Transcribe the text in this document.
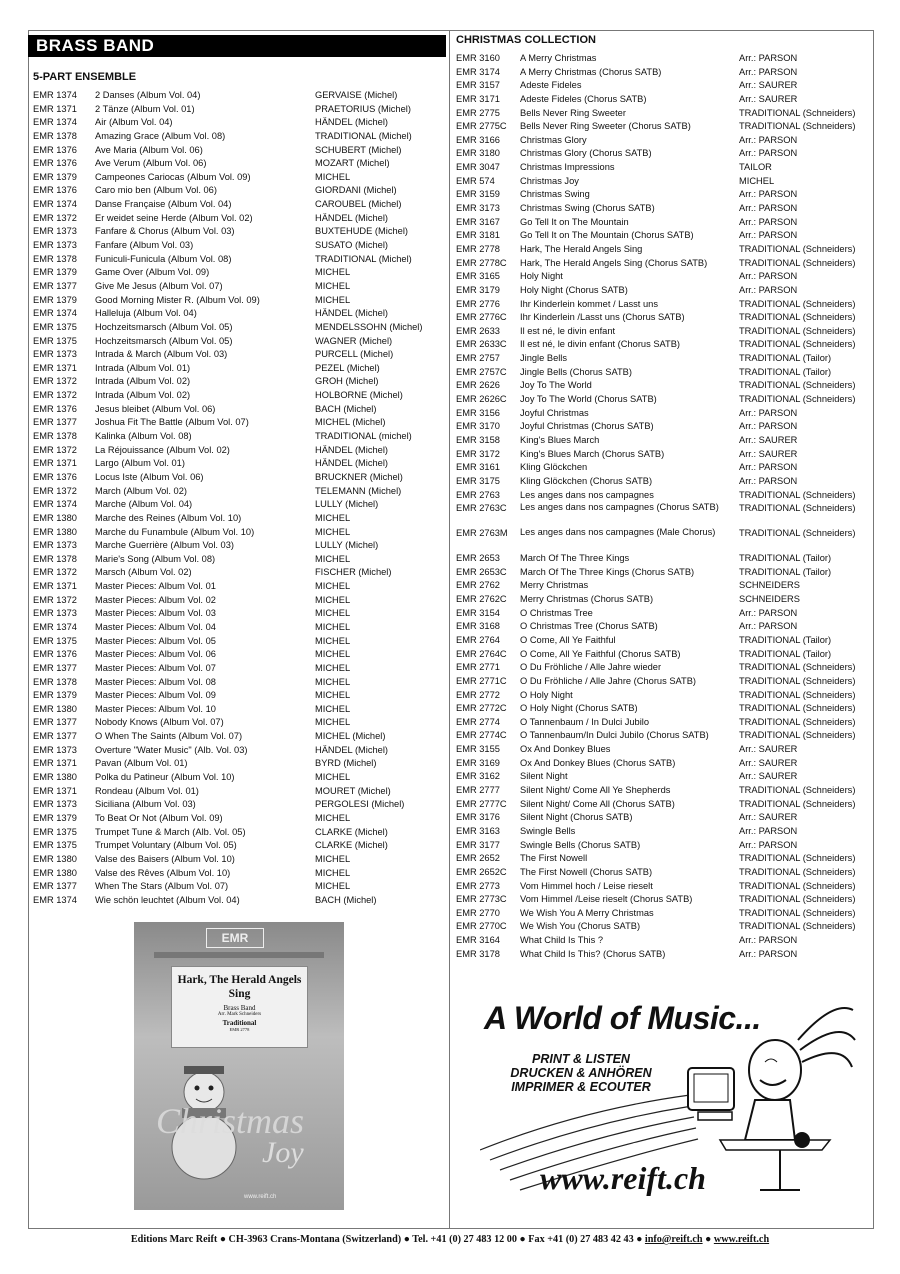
BRASS BAND
5-PART ENSEMBLE
CHRISTMAS COLLECTION
EMR 1374 2 Danses (Album Vol. 04)	GERVAISE (Michel)
EMR 1371 2 Tänze (Album Vol. 01)	PRAETORIUS (Michel)
EMR 1374 Air (Album Vol. 04)	HÄNDEL (Michel)
EMR 1378 Amazing Grace (Album Vol. 08)	TRADITIONAL (Michel)
EMR 1376 Ave Maria (Album Vol. 06)	SCHUBERT (Michel)
EMR 1376 Ave Verum (Album Vol. 06)	MOZART (Michel)
EMR 1379 Campeones Cariocas (Album Vol. 09)	MICHEL
EMR 1376 Caro mio ben (Album Vol. 06)	GIORDANI (Michel)
EMR 1374 Danse Française (Album Vol. 04)	CAROUBEL (Michel)
EMR 1372 Er weidet seine Herde (Album Vol. 02)	HÄNDEL (Michel)
EMR 1373 Fanfare & Chorus (Album Vol. 03)	BUXTEHUDE (Michel)
EMR 1373 Fanfare (Album Vol. 03)	SUSATO (Michel)
EMR 1378 Funiculi-Funicula (Album Vol. 08)	TRADITIONAL (Michel)
EMR 1379 Game Over (Album Vol. 09)	MICHEL
EMR 1377 Give Me Jesus (Album Vol. 07)	MICHEL
EMR 1379 Good Morning Mister R. (Album Vol. 09)	MICHEL
EMR 1374 Halleluja (Album Vol. 04)	HÄNDEL (Michel)
EMR 1375 Hochzeitsmarsch (Album Vol. 05)	MENDELSSOHN (Michel)
EMR 1375 Hochzeitsmarsch (Album Vol. 05)	WAGNER (Michel)
EMR 1373 Intrada & March (Album Vol. 03)	PURCELL (Michel)
EMR 1371 Intrada (Album Vol. 01)	PEZEL (Michel)
EMR 1372 Intrada (Album Vol. 02)	GROH (Michel)
EMR 1372 Intrada (Album Vol. 02)	HOLBORNE (Michel)
EMR 1376 Jesus bleibet (Album Vol. 06)	BACH (Michel)
EMR 1377 Joshua Fit The Battle (Album Vol. 07)	MICHEL (Michel)
EMR 1378 Kalinka (Album Vol. 08)	TRADITIONAL (michel)
EMR 1372 La Réjouissance (Album Vol. 02)	HÄNDEL (Michel)
EMR 1371 Largo (Album Vol. 01)	HÄNDEL (Michel)
EMR 1376 Locus Iste (Album Vol. 06)	BRUCKNER (Michel)
EMR 1372 March (Album Vol. 02)	TELEMANN (Michel)
EMR 1374 Marche (Album Vol. 04)	LULLY (Michel)
EMR 1380 Marche des Reines (Album Vol. 10)	MICHEL
EMR 1380 Marche du Funambule (Album Vol. 10)	MICHEL
EMR 1373 Marche Guerrière (Album Vol. 03)	LULLY (Michel)
EMR 1378 Marie's Song (Album Vol. 08)	MICHEL
EMR 1372 Marsch (Album Vol. 02)	FISCHER (Michel)
EMR 1371 Master Pieces: Album Vol. 01	MICHEL
EMR 1372 Master Pieces: Album Vol. 02	MICHEL
EMR 1373 Master Pieces: Album Vol. 03	MICHEL
EMR 1374 Master Pieces: Album Vol. 04	MICHEL
EMR 1375 Master Pieces: Album Vol. 05	MICHEL
EMR 1376 Master Pieces: Album Vol. 06	MICHEL
EMR 1377 Master Pieces: Album Vol. 07	MICHEL
EMR 1378 Master Pieces: Album Vol. 08	MICHEL
EMR 1379 Master Pieces: Album Vol. 09	MICHEL
EMR 1380 Master Pieces: Album Vol. 10	MICHEL
EMR 1377 Nobody Knows (Album Vol. 07)	MICHEL
EMR 1377 O When The Saints (Album Vol. 07)	MICHEL (Michel)
EMR 1373 Overture "Water Music" (Alb. Vol. 03)	HÄNDEL (Michel)
EMR 1371 Pavan (Album Vol. 01)	BYRD (Michel)
EMR 1380 Polka du Patineur (Album Vol. 10)	MICHEL
EMR 1371 Rondeau (Album Vol. 01)	MOURET (Michel)
EMR 1373 Siciliana (Album Vol. 03)	PERGOLESI (Michel)
EMR 1379 To Beat Or Not (Album Vol. 09)	MICHEL
EMR 1375 Trumpet Tune & March (Alb. Vol. 05)	CLARKE (Michel)
EMR 1375 Trumpet Voluntary (Album Vol. 05)	CLARKE (Michel)
EMR 1380 Valse des Baisers (Album Vol. 10)	MICHEL
EMR 1380 Valse des Rêves (Album Vol. 10)	MICHEL
EMR 1377 When The Stars (Album Vol. 07)	MICHEL
EMR 1374 Wie schön leuchtet (Album Vol. 04)	BACH (Michel)
EMR 3160 A Merry Christmas	Arr.: PARSON
EMR 3174 A Merry Christmas (Chorus SATB)	Arr.: PARSON
EMR 3157 Adeste Fideles	Arr.: SAURER
EMR 3171 Adeste Fideles (Chorus SATB)	Arr.: SAURER
EMR 2775 Bells Never Ring Sweeter	TRADITIONAL (Schneiders)
EMR 2775C Bells Never Ring Sweeter (Chorus SATB)	TRADITIONAL (Schneiders)
EMR 3166 Christmas Glory	Arr.: PARSON
EMR 3180 Christmas Glory (Chorus SATB)	Arr.: PARSON
EMR 3047 Christmas Impressions	TAILOR
EMR 574	Christmas Joy	MICHEL
EMR 3159 Christmas Swing	Arr.: PARSON
EMR 3173 Christmas Swing (Chorus SATB)	Arr.: PARSON
EMR 3167 Go Tell It on The Mountain	Arr.: PARSON
EMR 3181 Go Tell It on The Mountain (Chorus SATB)	Arr.: PARSON
EMR 2778 Hark, The Herald Angels Sing	TRADITIONAL (Schneiders)
EMR 2778C Hark, The Herald Angels Sing (Chorus SATB)	TRADITIONAL (Schneiders)
EMR 3165 Holy Night	Arr.: PARSON
EMR 3179 Holy Night (Chorus SATB)	Arr.: PARSON
EMR 2776 Ihr Kinderlein kommet / Lasst uns	TRADITIONAL (Schneiders)
EMR 2776C Ihr Kinderlein /Lasst uns (Chorus SATB)	TRADITIONAL (Schneiders)
EMR 2633 Il est né, le divin enfant	TRADITIONAL (Schneiders)
EMR 2633C Il est né, le divin enfant (Chorus SATB)	TRADITIONAL (Schneiders)
EMR 2757 Jingle Bells	TRADITIONAL (Tailor)
EMR 2757C Jingle Bells (Chorus SATB)	TRADITIONAL (Tailor)
EMR 2626 Joy To The World	TRADITIONAL (Schneiders)
EMR 2626C Joy To The World (Chorus SATB)	TRADITIONAL (Schneiders)
EMR 3156 Joyful Christmas	Arr.: PARSON
EMR 3170 Joyful Christmas (Chorus SATB)	Arr.: PARSON
EMR 3158 King's Blues March	Arr.: SAURER
EMR 3172 King's Blues March (Chorus SATB)	Arr.: SAURER
EMR 3161 Kling Glöckchen	Arr.: PARSON
EMR 3175 Kling Glöckchen (Chorus SATB)	Arr.: PARSON
EMR 2763 Les anges dans nos campagnes	TRADITIONAL (Schneiders)
EMR 2763C Les anges dans nos campagnes (Chorus SATB)	TRADITIONAL (Schneiders)
EMR 2763M Les anges dans nos campagnes (Male Chorus)	TRADITIONAL (Schneiders)
EMR 2653 March Of The Three Kings	TRADITIONAL (Tailor)
EMR 2653C March Of The Three Kings (Chorus SATB)	TRADITIONAL (Tailor)
EMR 2762 Merry Christmas	SCHNEIDERS
EMR 2762C Merry Christmas (Chorus SATB)	SCHNEIDERS
EMR 3154 O Christmas Tree	Arr.: PARSON
EMR 3168 O Christmas Tree (Chorus SATB)	Arr.: PARSON
EMR 2764 O Come, All Ye Faithful	TRADITIONAL (Tailor)
EMR 2764C O Come, All Ye Faithful (Chorus SATB)	TRADITIONAL (Tailor)
EMR 2771 O Du Fröhliche / Alle Jahre wieder	TRADITIONAL (Schneiders)
EMR 2771C O Du Fröhliche / Alle Jahre (Chorus SATB)	TRADITIONAL (Schneiders)
EMR 2772 O Holy Night	TRADITIONAL (Schneiders)
EMR 2772C O Holy Night (Chorus SATB)	TRADITIONAL (Schneiders)
EMR 2774 O Tannenbaum / In Dulci Jubilo	TRADITIONAL (Schneiders)
EMR 2774C O Tannenbaum/In Dulci Jubilo (Chorus SATB)	TRADITIONAL (Schneiders)
EMR 3155 Ox And Donkey Blues	Arr.: SAURER
EMR 3169 Ox And Donkey Blues (Chorus SATB)	Arr.: SAURER
EMR 3162 Silent Night	Arr.: SAURER
EMR 2777 Silent Night/ Come All Ye Shepherds	TRADITIONAL (Schneiders)
EMR 2777C Silent Night/ Come All (Chorus SATB)	TRADITIONAL (Schneiders)
EMR 3176 Silent Night (Chorus SATB)	Arr.: SAURER
EMR 3163 Swingle Bells	Arr.: PARSON
EMR 3177 Swingle Bells (Chorus SATB)	Arr.: PARSON
EMR 2652 The First Nowell	TRADITIONAL (Schneiders)
EMR 2652C The First Nowell (Chorus SATB)	TRADITIONAL (Schneiders)
EMR 2773 Vom Himmel hoch / Leise rieselt	TRADITIONAL (Schneiders)
EMR 2773C Vom Himmel /Leise rieselt (Chorus SATB)	TRADITIONAL (Schneiders)
EMR 2770 We Wish You A Merry Christmas	TRADITIONAL (Schneiders)
EMR 2770C We Wish You (Chorus SATB)	TRADITIONAL (Schneiders)
EMR 3164 What Child Is This ?	Arr.: PARSON
EMR 3178 What Child Is This? (Chorus SATB)	Arr.: PARSON
EMR
Hark, The Herald Angels Sing
Brass Band
Arr. Mark Schneiders
Traditional
EMR 2778
Christmas
Joy
www.reift.ch
A World of Music...
PRINT & LISTEN
DRUCKEN & ANHÖREN
IMPRIMER & ECOUTER
www.reift.ch
Editions Marc Reift ● CH-3963 Crans-Montana (Switzerland) ● Tel. +41 (0) 27 483 12 00 ● Fax +41 (0) 27 483 42 43 ● info@reift.ch ● www.reift.ch
